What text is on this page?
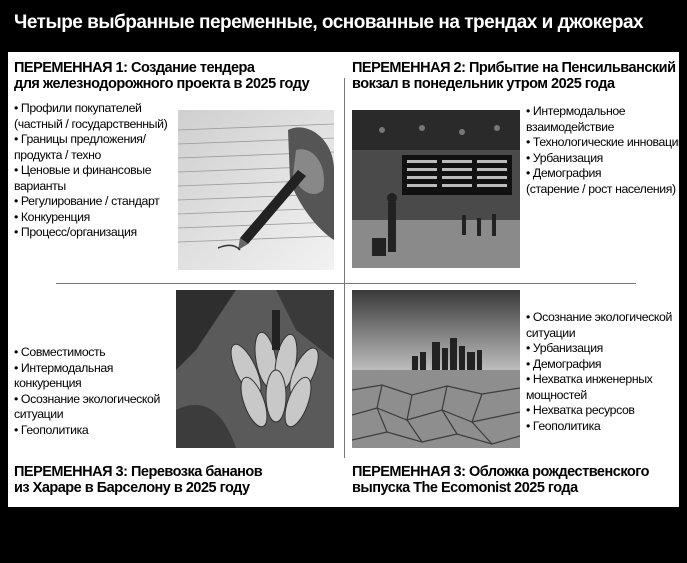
Четыре выбранные переменные, основанные на трендах и джокерах
ПЕРЕМЕННАЯ 1: Создание тендера
для железнодорожного проекта в 2025 году
• Профили покупателей
(частный / государственный)
• Границы предложения/
продукта / техно
• Ценовые и финансовые
варианты
• Регулирование / стандарт
• Конкуренция
• Процесс/организация
ПЕРЕМЕННАЯ 2: Прибытие на Пенсильванский
вокзал в понедельник утром 2025 года
• Интермодальное
взаимодействие
• Технологические инновации
• Урбанизация
• Демография
(старение / рост населения)
• Совместимость
• Интермодальная
конкуренция
• Осознание экологической
ситуации
• Геополитика
ПЕРЕМЕННАЯ 3: Перевозка бананов
из Хараре в Барселону в 2025 году
• Осознание экологической
ситуации
• Урбанизация
• Демография
• Нехватка инженерных
мощностей
• Нехватка ресурсов
• Геополитика
ПЕРЕМЕННАЯ 3: Обложка рождественского
выпуска The Ecomonist 2025 года
